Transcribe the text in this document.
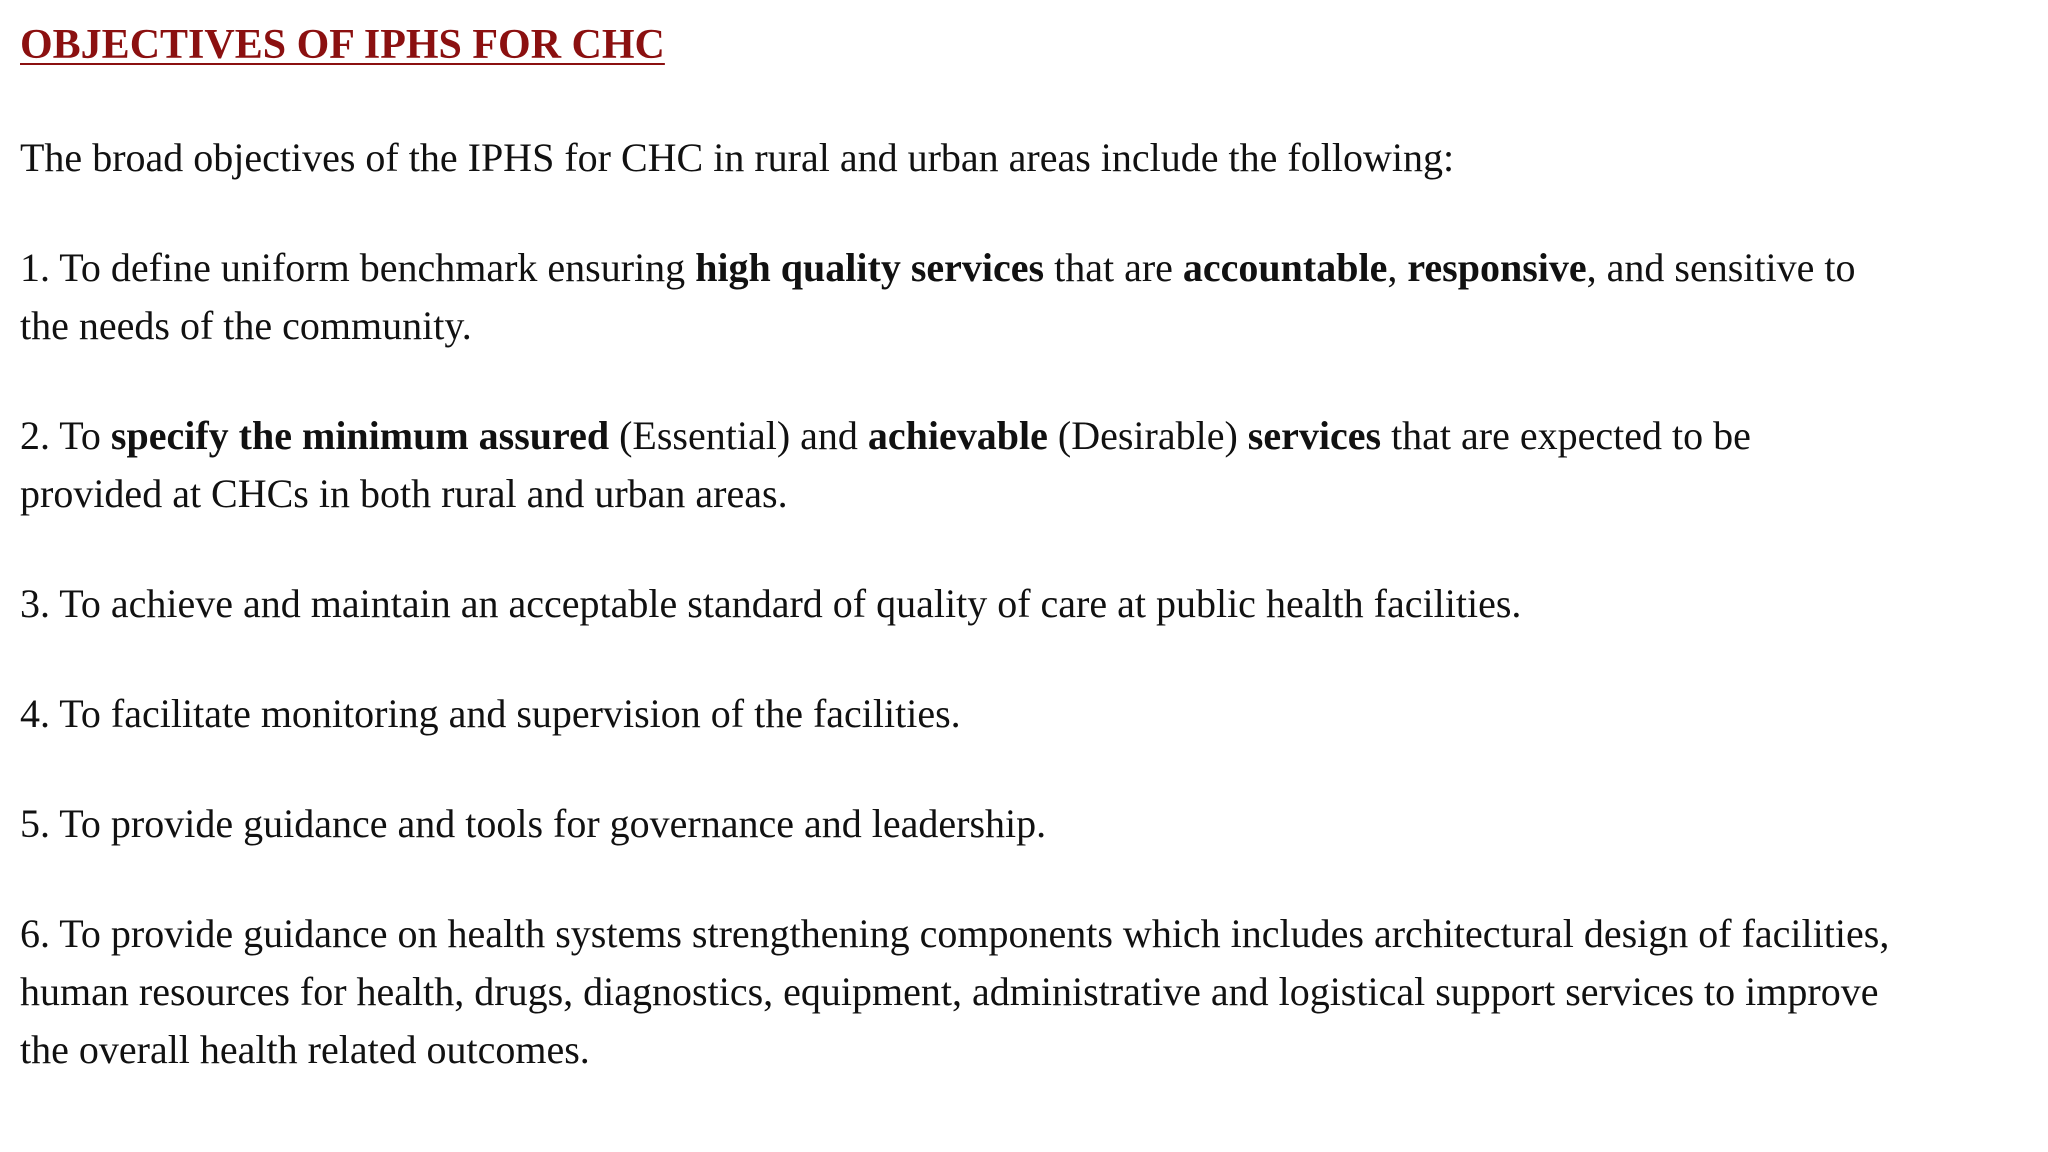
OBJECTIVES OF IPHS FOR CHC

The broad objectives of the IPHS for CHC in rural and urban areas include the following:

1. To define uniform benchmark ensuring high quality services that are accountable, responsive, and sensitive to
the needs of the community.
2. To specify the minimum assured (Essential) and achievable (Desirable) services that are expected to be
provided at CHCs in both rural and urban areas.
3. To achieve and maintain an acceptable standard of quality of care at public health facilities.
4. To facilitate monitoring and supervision of the facilities.
5. To provide guidance and tools for governance and leadership.
6. To provide guidance on health systems strengthening components which includes architectural design of facilities,
human resources for health, drugs, diagnostics, equipment, administrative and logistical support services to improve
the overall health related outcomes.
